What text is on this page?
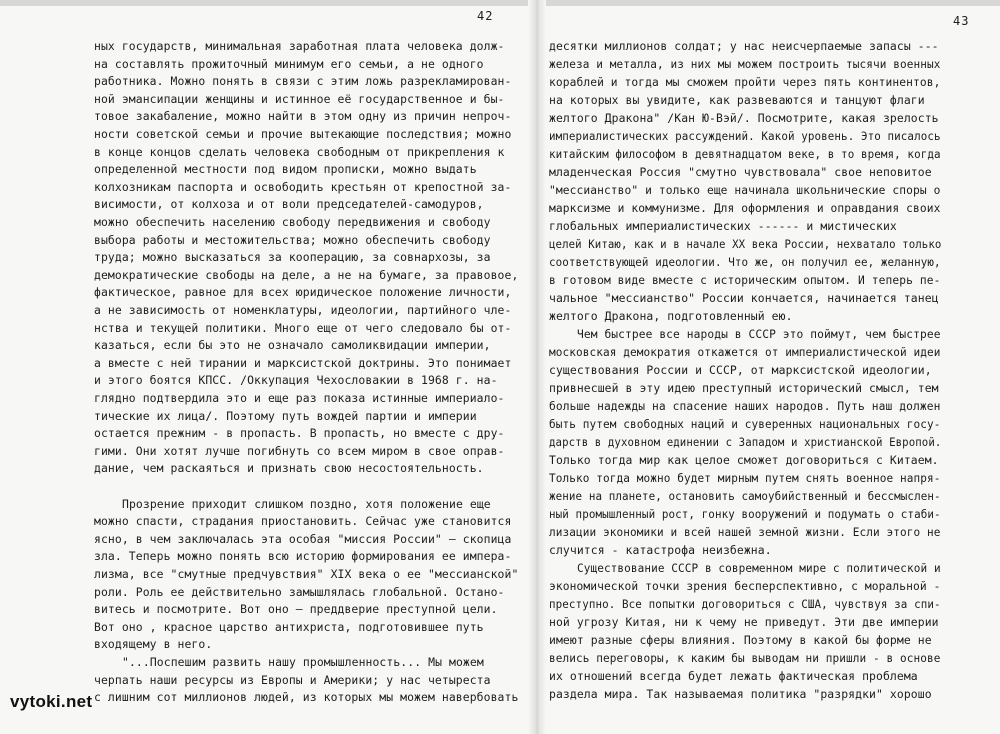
42	43
ных государств, минимальная заработная плата человека долж-
на составлять прожиточный минимум его семьи, а не одного
работника. Можно понять в связи с этим ложь разрекламирован-
ной эмансипации женщины и истинное её государственное и бы-
товое закабаление, можно найти в этом одну из причин непроч-
ности советской семьи и прочие вытекающие последствия; можно
в конце концов сделать человека свободным от прикрепления к
определенной местности под видом прописки, можно выдать
колхозникам паспорта и освободить крестьян от крепостной за-
висимости, от колхоза и от воли председателей-самодуров,
можно обеспечить населению свободу передвижения и свободу
выбора работы и местожительства; можно обеспечить свободу
труда; можно высказаться за кооперацию, за совнархозы, за
демократические свободы на деле, а не на бумаге, за правовое,
фактическое, равное для всех юридическое положение личности,
а не зависимость от номенклатуры, идеологии, партийного чле-
нства и текущей политики. Много еще от чего следовало бы от-
казаться, если бы это не означало самоликвидации империи,
а вместе с ней тирании и марксистской доктрины. Это понимает
и этого боятся КПСС. /Оккупация Чехословакии в 1968 г. на-
глядно подтвердила это и еще раз показа истинные империало-
тические их лица/. Поэтому путь вождей партии и империи
остается прежним - в пропасть. В пропасть, но вместе с дру-
гими. Они хотят лучше погибнуть со всем миром в свое оправ-
дание, чем раскаяться и признать свою несостоятельность.
Прозрение приходит слишком поздно, хотя положение еще
можно спасти, страдания приостановить. Сейчас уже становится
ясно, в чем заключалась эта особая "миссия России" — скопица
зла. Теперь можно понять всю историю формирования ее импера-
лизма, все "смутные предчувствия" XIX века о ее "мессианской"
роли. Роль ее действительно замышлялась глобальной. Остано-
витесь и посмотрите. Вот оно — преддверие преступной цели.
Вот оно , красное царство антихриста, подготовившее путь
входящему в него.
"...Поспешим развить нашу промышленность... Мы можем
черпать наши ресурсы из Европы и Америки; у нас четыреста
с лишним сот миллионов людей, из которых мы можем навербовать
десятки миллионов солдат; у нас неисчерпаемые запасы ---
железа и металла, из них мы можем построить тысячи военных
кораблей и тогда мы сможем пройти через пять континентов,
на которых вы увидите, как развеваются и танцуют флаги
желтого Дракона" /Кан Ю-Вэй/. Посмотрите, какая зрелость
империалистических рассуждений. Какой уровень. Это писалось
китайским философом в девятнадцатом веке, в то время, когда
младенческая Россия "смутно чувствовала" свое неповитое
"мессианство" и только еще начинала школьнические споры о
марксизме и коммунизме. Для оформления и оправдания своих
глобальных империалистических ------ и мистических
целей Китаю, как и в начале XX века России, нехватало только
соответствующей идеологии. Что же, он получил ее, желанную,
в готовом виде вместе с историческим опытом. И теперь пе-
чальное "мессианство" России кончается, начинается танец
желтого Дракона, подготовленный ею.
Чем быстрее все народы в СССР это поймут, чем быстрее
московская демократия откажется от империалистической идеи
существования России и СССР, от марксистской идеологии,
привнесшей в эту идею преступный исторический смысл, тем
больше надежды на спасение наших народов. Путь наш должен
быть путем свободных наций и суверенных национальных госу-
дарств в духовном единении с Западом и христианской Европой.
Только тогда мир как целое сможет договориться с Китаем.
Только тогда можно будет мирным путем снять военное напря-
жение на планете, остановить самоубийственный и бессмыслен-
ный промышленный рост, гонку вооружений и подумать о стаби-
лизации экономики и всей нашей земной жизни. Если этого не
случится - катастрофа неизбежна.
Существование СССР в современном мире с политической и
экономической точки зрения бесперспективно, с моральной -
преступно. Все попытки договориться с США, чувствуя за спи-
ной угрозу Китая, ни к чему не приведут. Эти две империи
имеют разные сферы влияния. Поэтому в какой бы форме не
велись переговоры, к каким бы выводам ни пришли - в основе
их отношений всегда будет лежать фактическая проблема
раздела мира. Так называемая политика "разрядки" хорошо
vytoki.net
